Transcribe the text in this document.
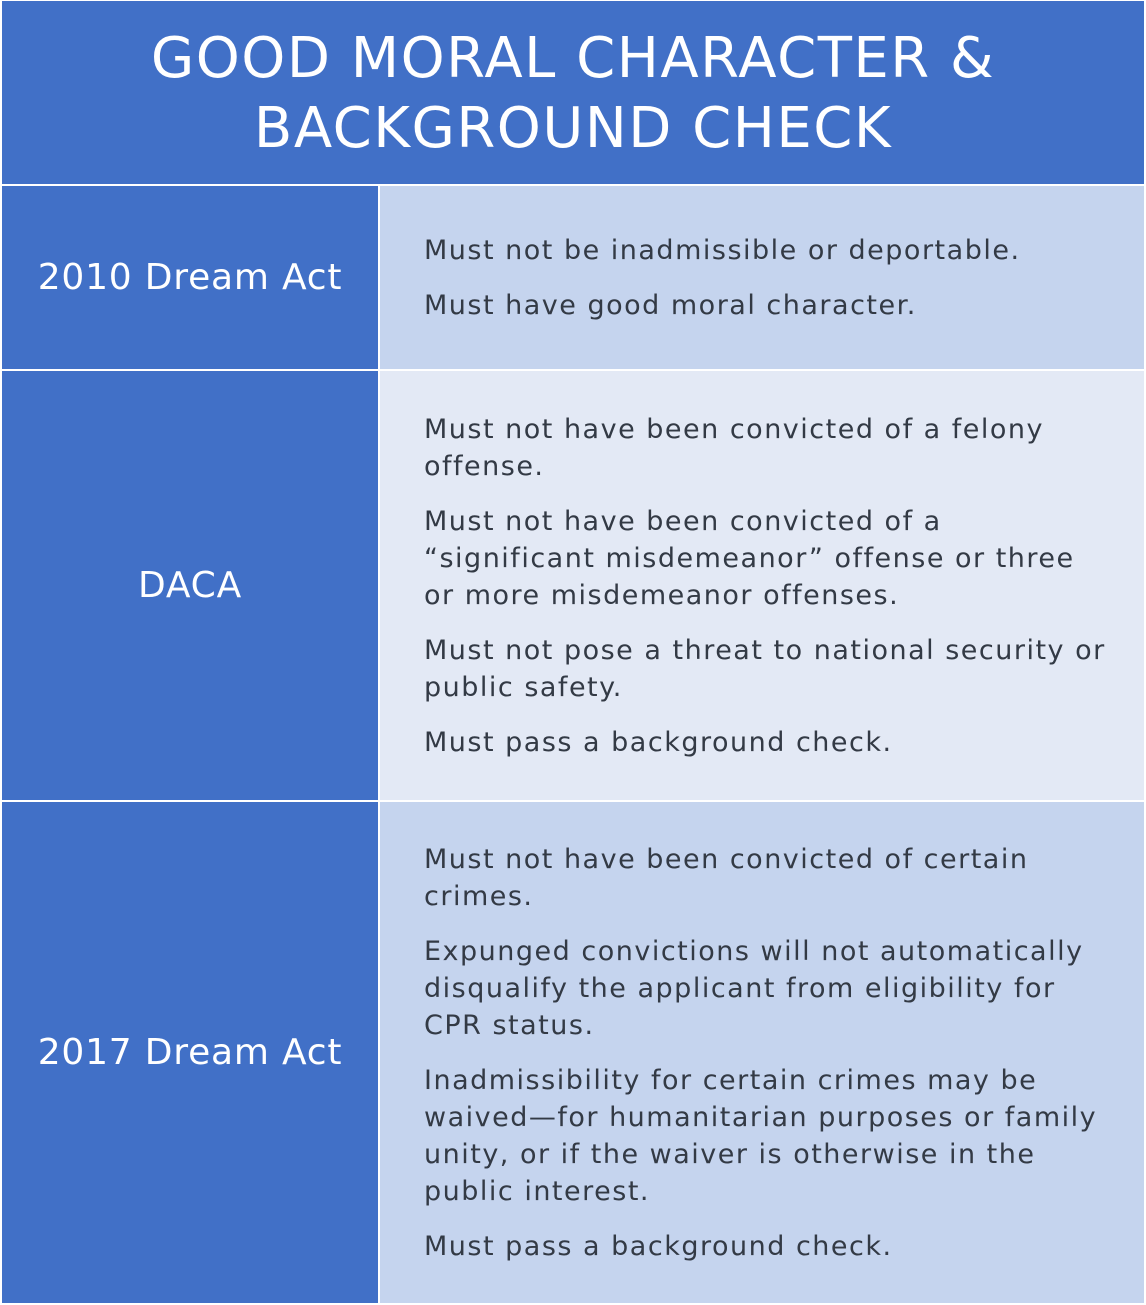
GOOD MORAL CHARACTER &
BACKGROUND CHECK
2010 Dream Act

Must not be inadmissible or deportable.

Must have good moral character.

DACA

Must not have been convicted of a felony offense.

Must not have been convicted of a “significant misdemeanor” offense or three or more misdemeanor offenses.

Must not pose a threat to national security or public safety.

Must pass a background check.

2017 Dream Act

Must not have been convicted of certain crimes.

Expunged convictions will not automatically disqualify the applicant from eligibility for CPR status.

Inadmissibility for certain crimes may be waived—for humanitarian purposes or family unity, or if the waiver is otherwise in the public interest.

Must pass a background check.
